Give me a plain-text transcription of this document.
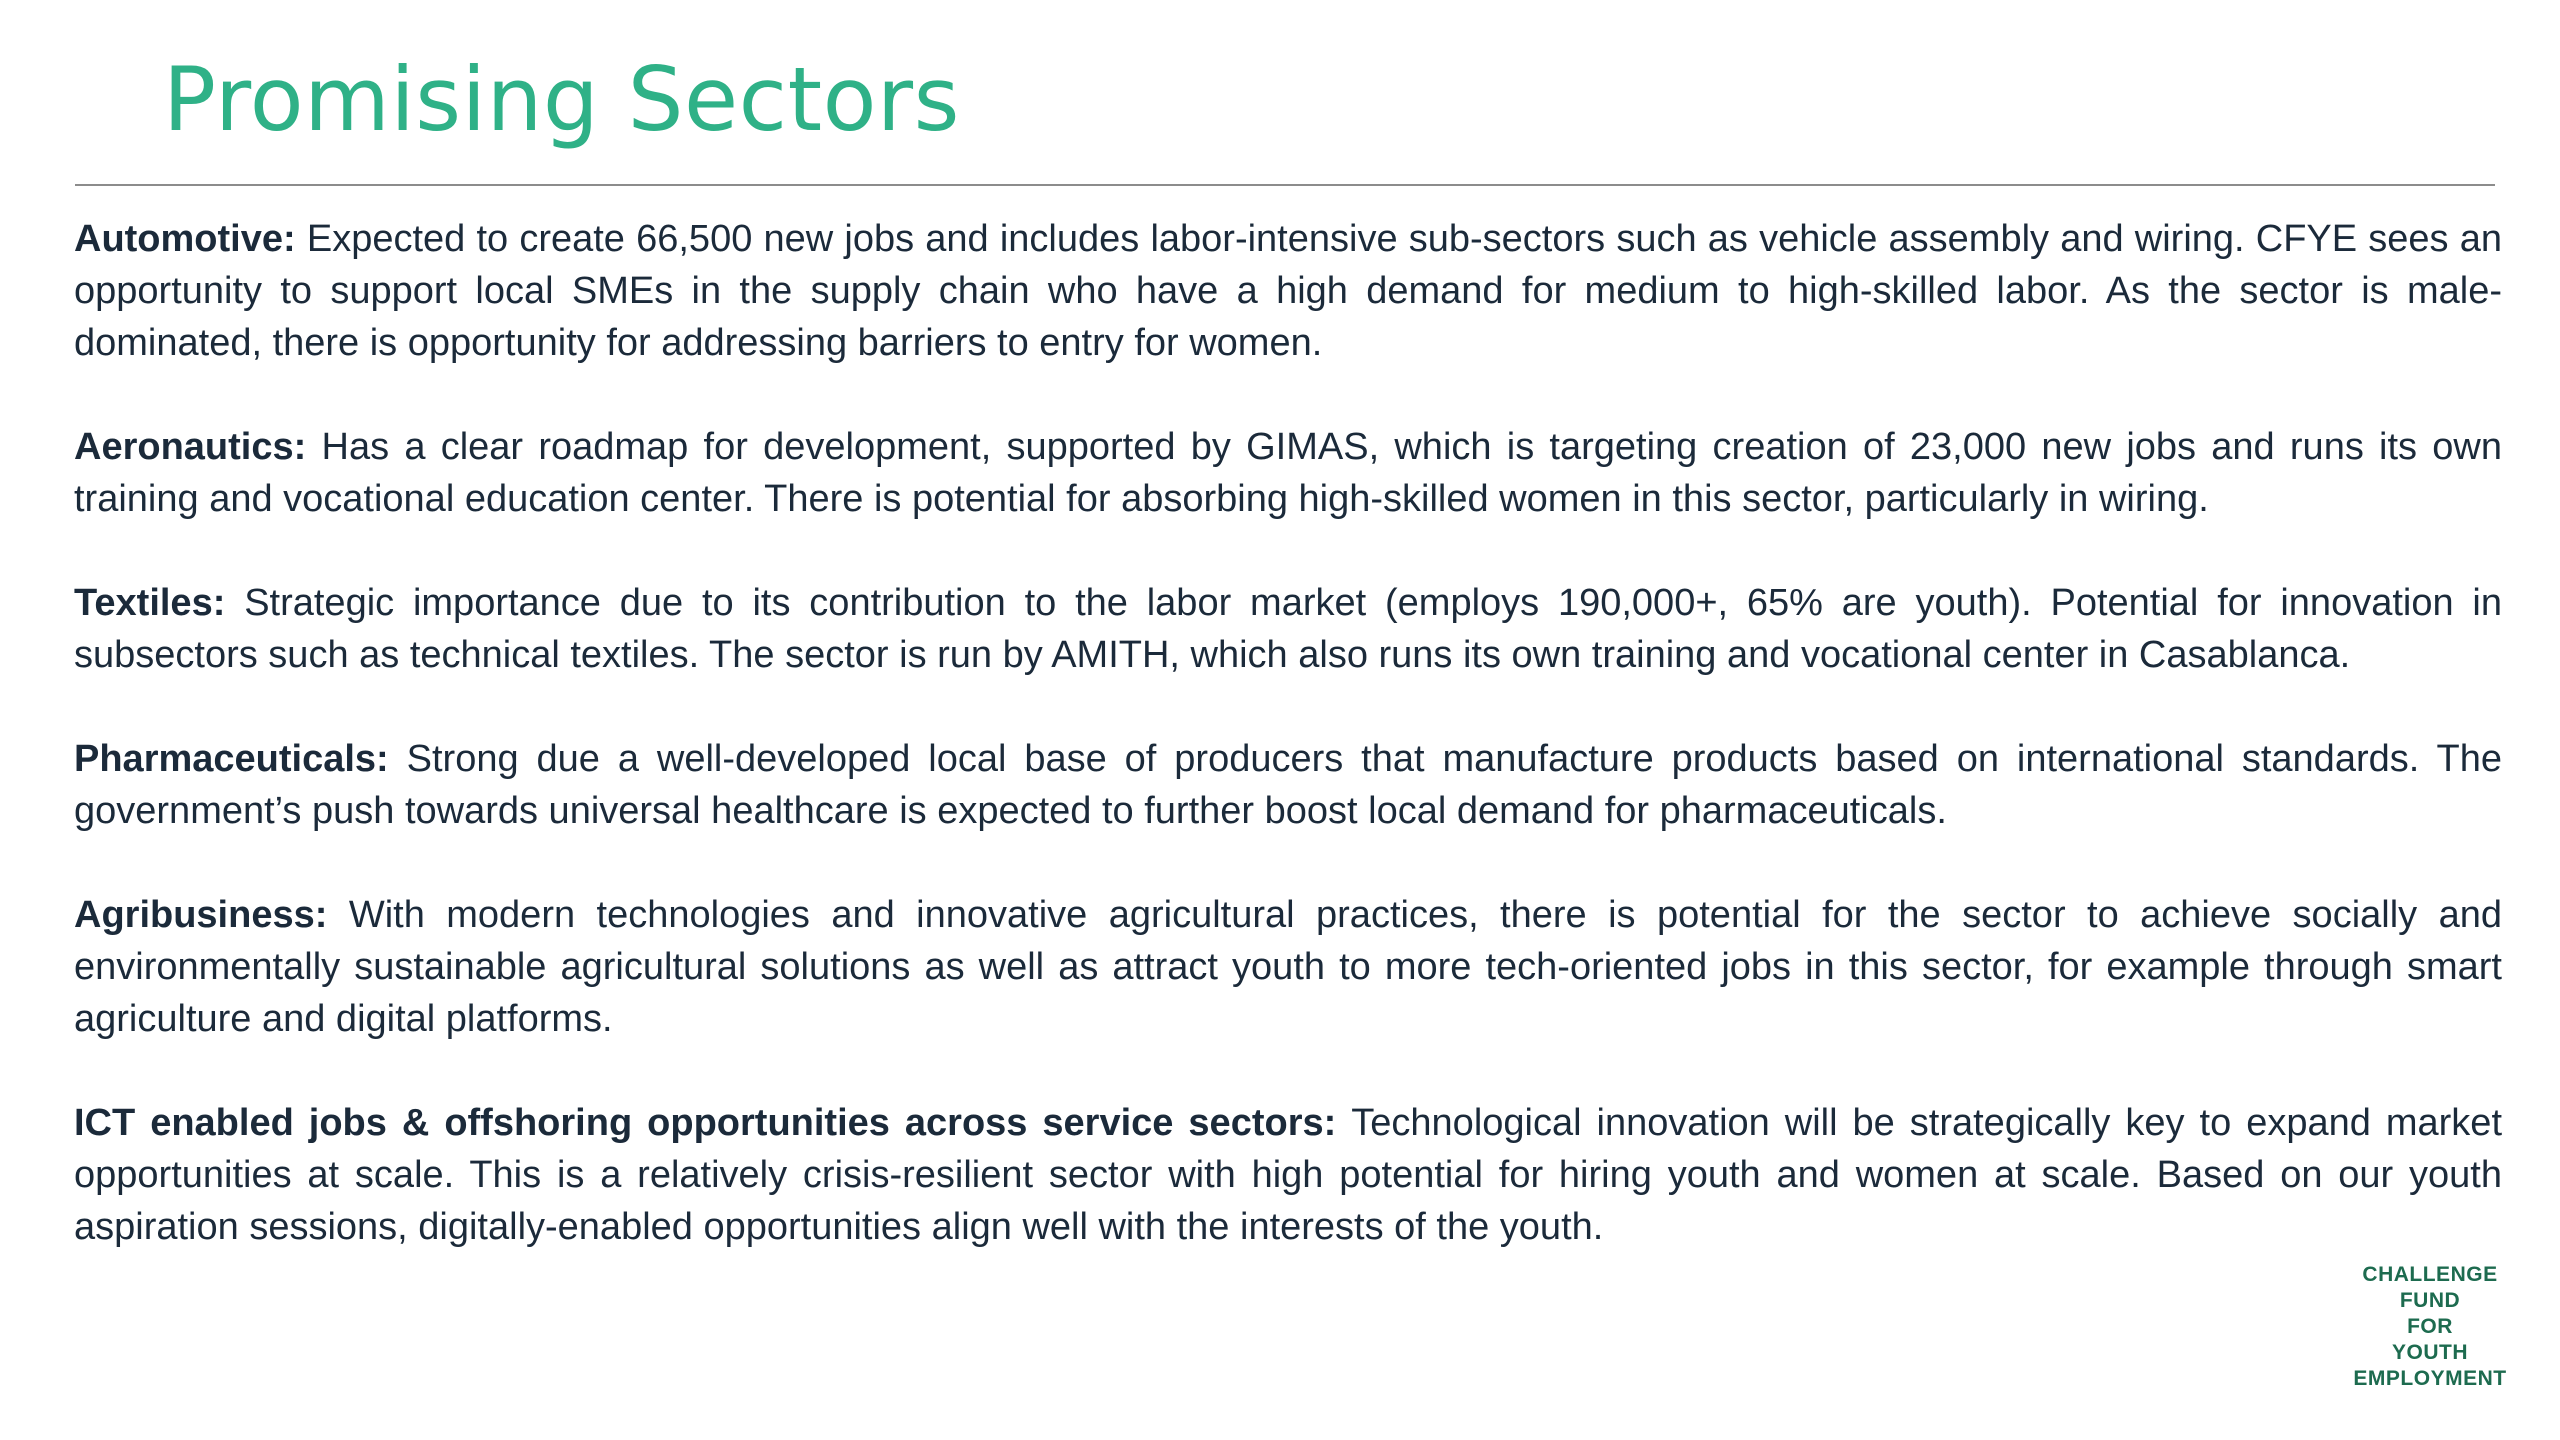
Promising Sectors

Automotive: Expected to create 66,500 new jobs and includes labor-intensive sub-sectors such as vehicle assembly and wiring. CFYE sees an opportunity to support local SMEs in the supply chain who have a high demand for medium to high-skilled labor. As the sector is male-dominated, there is opportunity for addressing barriers to entry for women.

Aeronautics: Has a clear roadmap for development, supported by GIMAS, which is targeting creation of 23,000 new jobs and runs its own training and vocational education center. There is potential for absorbing high-skilled women in this sector, particularly in wiring.

Textiles: Strategic importance due to its contribution to the labor market (employs 190,000+, 65% are youth). Potential for innovation in subsectors such as technical textiles. The sector is run by AMITH, which also runs its own training and vocational center in Casablanca.

Pharmaceuticals: Strong due a well-developed local base of producers that manufacture products based on international standards. The government’s push towards universal healthcare is expected to further boost local demand for pharmaceuticals.

Agribusiness: With modern technologies and innovative agricultural practices, there is potential for the sector to achieve socially and environmentally sustainable agricultural solutions as well as attract youth to more tech-oriented jobs in this sector, for example through smart agriculture and digital platforms.

ICT enabled jobs & offshoring opportunities across service sectors: Technological innovation will be strategically key to expand market opportunities at scale. This is a relatively crisis-resilient sector with high potential for hiring youth and women at scale. Based on our youth aspiration sessions, digitally-enabled opportunities align well with the interests of the youth.

CHALLENGE
FUND
FOR
YOUTH
EMPLOYMENT
